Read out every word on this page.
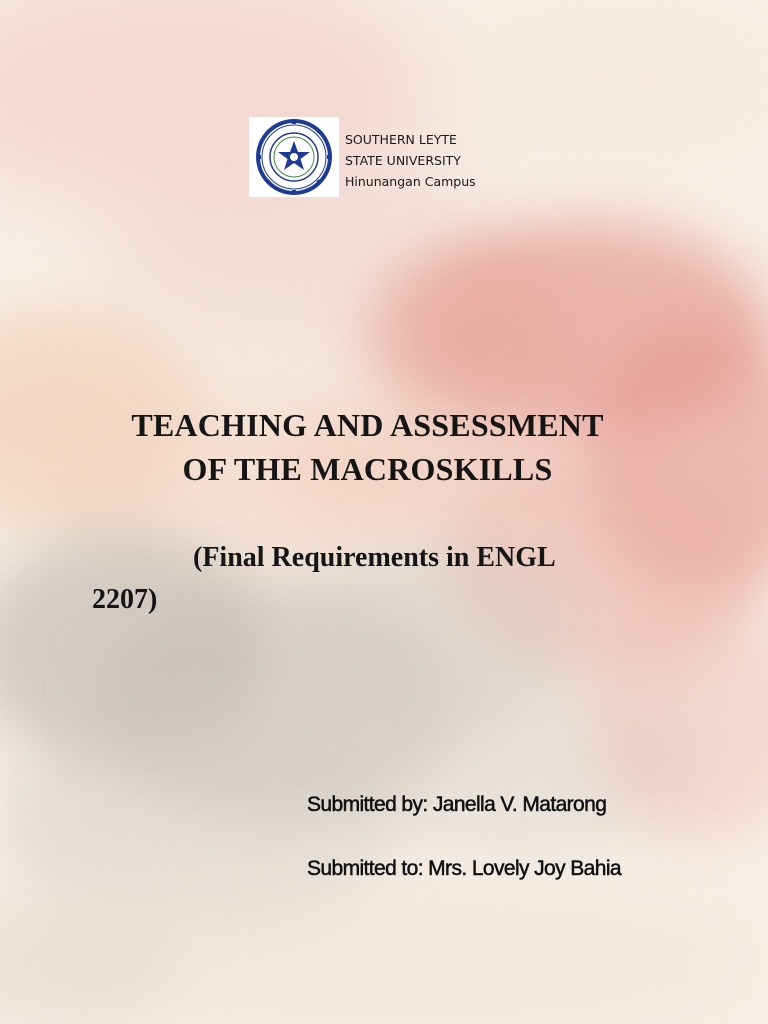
SOUTHERN LEYTE
STATE UNIVERSITY
Hinunangan Campus
TEACHING AND ASSESSMENT
OF THE MACROSKILLS
(Final Requirements in ENGL
2207)
Submitted by: Janella V. Matarong
Submitted to: Mrs. Lovely Joy Bahia
